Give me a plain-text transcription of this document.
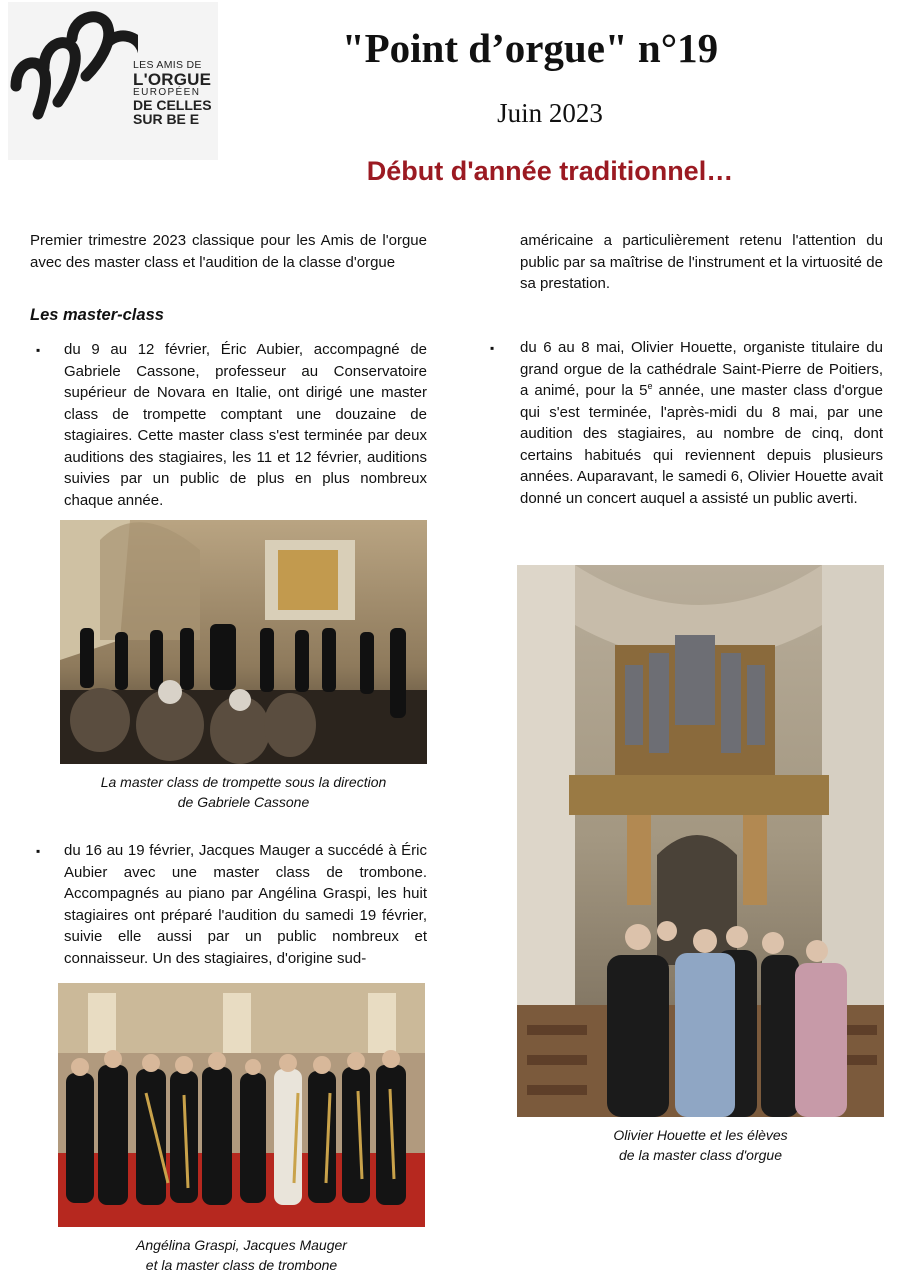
LES AMIS DE
L'ORGUE
EUROPÉEN
DE CELLES
SUR BE E
"Point d’orgue" n°19
Juin 2023
Début d'année traditionnel…

Premier trimestre 2023 classique pour les Amis de l'orgue avec des master class et l'audition de la classe d'orgue

Les master-class
▪ du 9 au 12 février, Éric Aubier, accompagné de Gabriele Cassone, professeur au Conservatoire supérieur de Novara en Italie, ont dirigé une master class de trompette comptant une douzaine de stagiaires. Cette master class s'est terminée par deux auditions des stagiaires, les 11 et 12 février, auditions suivies par un public de plus en plus nombreux chaque année.

La master class de trompette sous la direction
de Gabriele Cassone
▪ du 16 au 19 février, Jacques Mauger a succédé à Éric Aubier avec une master class de trombone. Accompagnés au piano par Angélina Graspi, les huit stagiaires ont préparé l'audition du samedi 19 février, suivie elle aussi par un public nombreux et connaisseur. Un des stagiaires, d'origine sud-

Angélina Graspi, Jacques Mauger
et la master class de trombone

américaine a particulièrement retenu l'attention du public par sa maîtrise de l'instrument et la virtuosité de sa prestation.

▪ du 6 au 8 mai, Olivier Houette, organiste titulaire du grand orgue de la cathédrale Saint-Pierre de Poitiers, a animé, pour la 5e année, une master class d'orgue qui s'est terminée, l'après-midi du 8 mai, par une audition des stagiaires, au nombre de cinq, dont certains habitués qui reviennent depuis plusieurs années. Auparavant, le samedi 6, Olivier Houette avait donné un concert auquel a assisté un public averti.

Olivier Houette et les élèves
de la master class d'orgue
